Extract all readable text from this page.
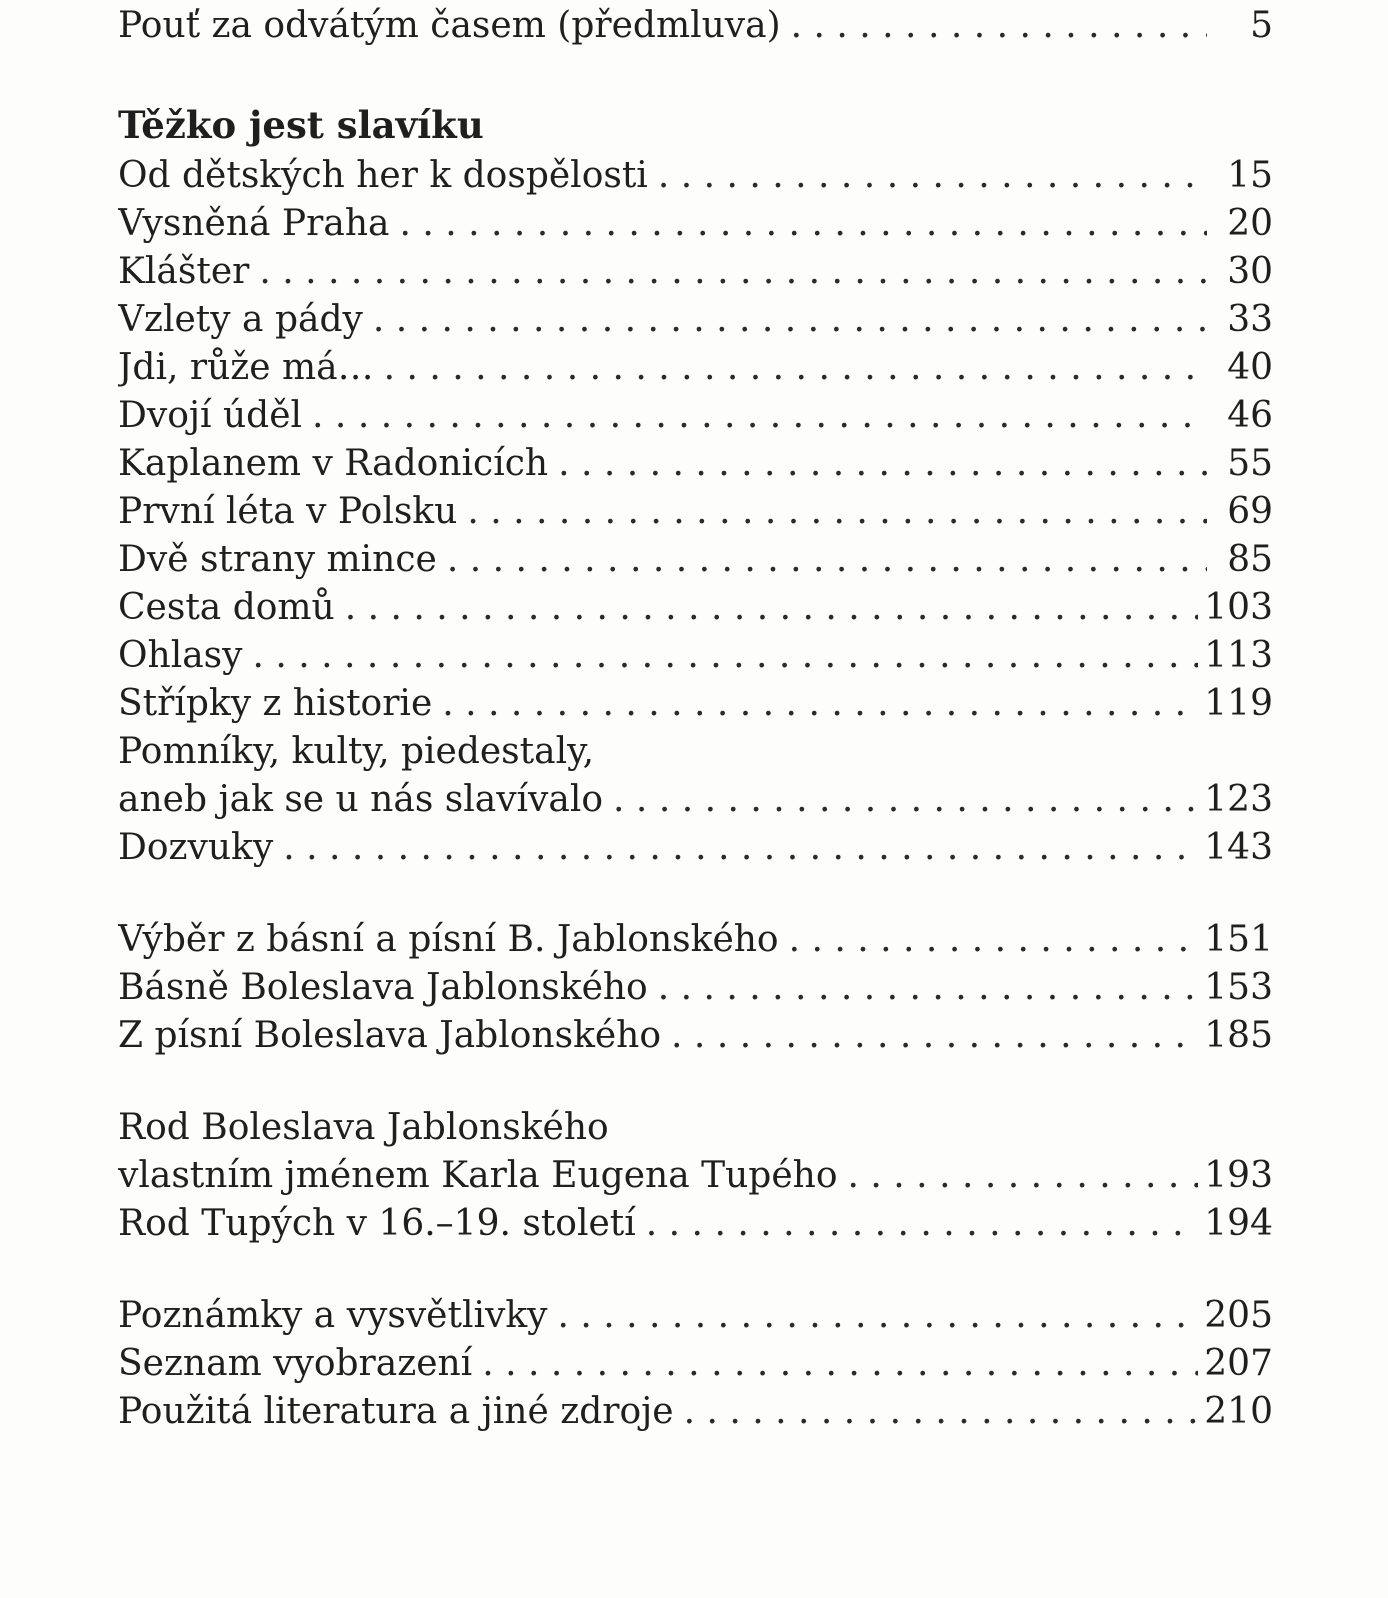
Pouť za odvátým časem (předmluva) . . .	5
Těžko jest slavíku
Od dětských her k dospělosti . . .	15
Vysněná Praha . . .	20
Klášter . . .	30
Vzlety a pády . . .	33
Jdi, růže má… . . .	40
Dvojí úděl . . .	46
Kaplanem v Radonicích . . .	55
První léta v Polsku . . .	69
Dvě strany mince . . .	85
Cesta domů . . .	103
Ohlasy . . .	113
Střípky z historie . . .	119
Pomníky, kulty, piedestaly,
aneb jak se u nás slavívalo . . .	123
Dozvuky . . .	143
Výběr z básní a písní B. Jablonského . . .	151
Básně Boleslava Jablonského . . .	153
Z písní Boleslava Jablonského . . .	185
Rod Boleslava Jablonského
vlastním jménem Karla Eugena Tupého . . .	193
Rod Tupých v 16.–19. století . . .	194
Poznámky a vysvětlivky . . .	205
Seznam vyobrazení . . .	207
Použitá literatura a jiné zdroje . . .	210
